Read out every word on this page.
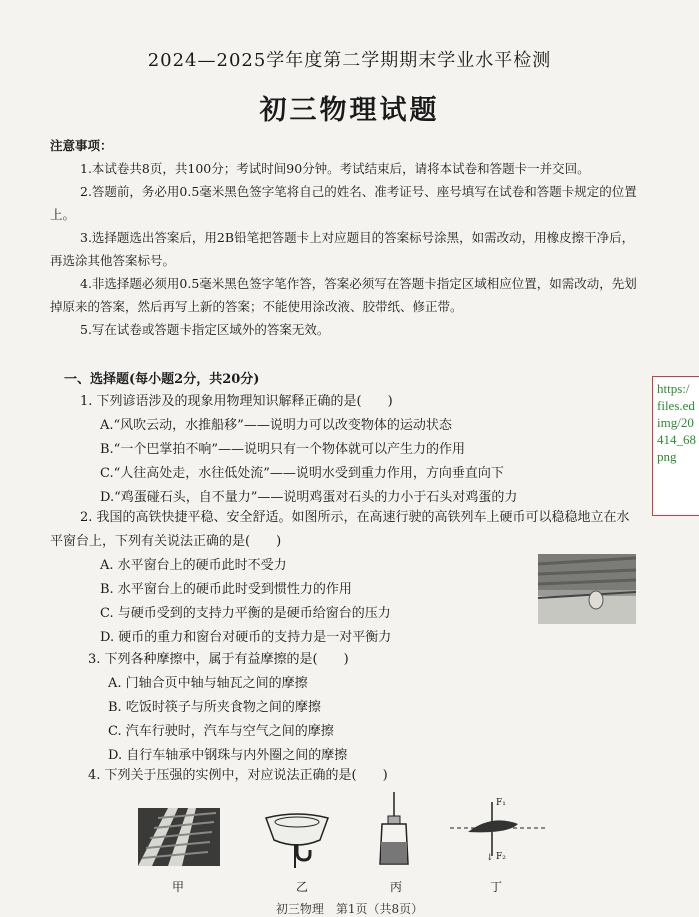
2024—2025学年度第二学期期末学业水平检测
初三物理试题
注意事项：

1.本试卷共8页，共100分；考试时间90分钟。考试结束后，请将本试卷和答题卡一并交回。

2.答题前，务必用0.5毫米黑色签字笔将自己的姓名、准考证号、座号填写在试卷和答题卡规定的位置上。

3.选择题选出答案后，用2B铅笔把答题卡上对应题目的答案标号涂黑，如需改动，用橡皮擦干净后，再选涂其他答案标号。

4.非选择题必须用0.5毫米黑色签字笔作答，答案必须写在答题卡指定区域相应位置，如需改动，先划掉原来的答案，然后再写上新的答案；不能使用涂改液、胶带纸、修正带。

5.写在试卷或答题卡指定区域外的答案无效。

一、选择题(每小题2分，共20分)

1. 下列谚语涉及的现象用物理知识解释正确的是(　　)

A.“风吹云动，水推船移”——说明力可以改变物体的运动状态

B.“一个巴掌拍不响”——说明只有一个物体就可以产生力的作用

C.“人往高处走，水往低处流”——说明水受到重力作用，方向垂直向下

D.“鸡蛋碰石头，自不量力”——说明鸡蛋对石头的力小于石头对鸡蛋的力

2. 我国的高铁快捷平稳、安全舒适。如图所示，在高速行驶的高铁列车上硬币可以稳稳地立在水平窗台上，下列有关说法正确的是(　　)

A. 水平窗台上的硬币此时不受力

B. 水平窗台上的硬币此时受到惯性力的作用

C. 与硬币受到的支持力平衡的是硬币给窗台的压力

D. 硬币的重力和窗台对硬币的支持力是一对平衡力

3. 下列各种摩擦中，属于有益摩擦的是(　　)

A. 门轴合页中轴与轴瓦之间的摩擦

B. 吃饭时筷子与所夹食物之间的摩擦

C. 汽车行驶时，汽车与空气之间的摩擦

D. 自行车轴承中钢珠与内外圈之间的摩擦

4. 下列关于压强的实例中，对应说法正确的是(　　)

↓
F₁
F₂
甲	乙	丙	丁
初三物理　第1页（共8页）
https:/
files.ed
img/20
414_68
png
